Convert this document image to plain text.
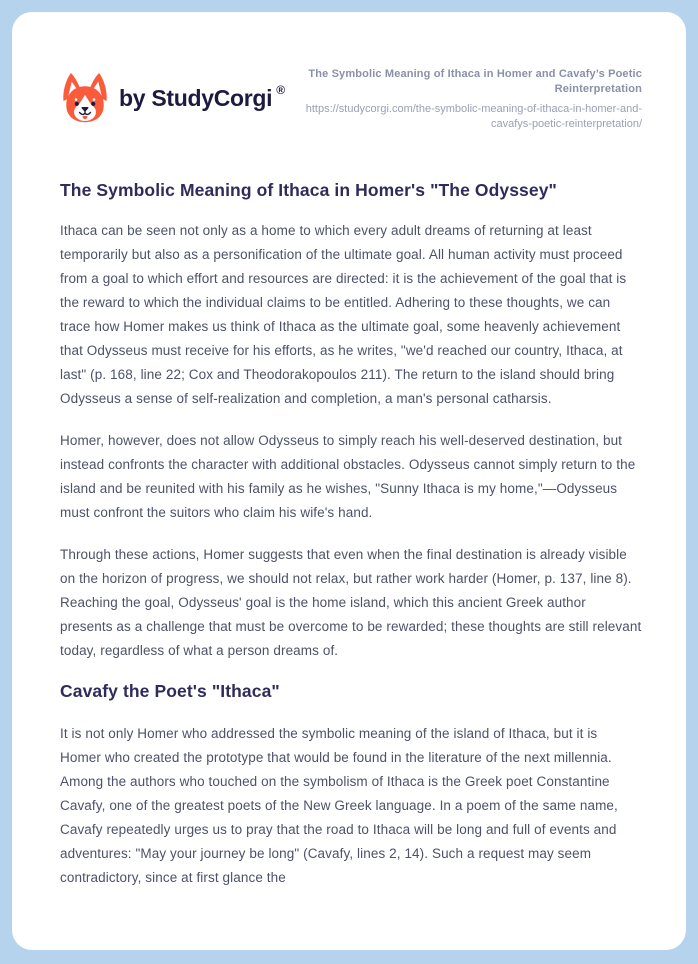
by StudyCorgi ®
The Symbolic Meaning of Ithaca in Homer and Cavafy’s Poetic Reinterpretation
https://studycorgi.com/the-symbolic-meaning-of-ithaca-in-homer-and-cavafys-poetic-reinterpretation/
The Symbolic Meaning of Ithaca in Homer's "The Odyssey"

Ithaca can be seen not only as a home to which every adult dreams of returning at least temporarily but also as a personification of the ultimate goal. All human activity must proceed from a goal to which effort and resources are directed: it is the achievement of the goal that is the reward to which the individual claims to be entitled. Adhering to these thoughts, we can trace how Homer makes us think of Ithaca as the ultimate goal, some heavenly achievement that Odysseus must receive for his efforts, as he writes, "we'd reached our country, Ithaca, at last" (p. 168, line 22; Cox and Theodorakopoulos 211). The return to the island should bring Odysseus a sense of self-realization and completion, a man's personal catharsis.

Homer, however, does not allow Odysseus to simply reach his well-deserved destination, but instead confronts the character with additional obstacles. Odysseus cannot simply return to the island and be reunited with his family as he wishes, "Sunny Ithaca is my home,"—Odysseus must confront the suitors who claim his wife's hand.

Through these actions, Homer suggests that even when the final destination is already visible on the horizon of progress, we should not relax, but rather work harder (Homer, p. 137, line 8). Reaching the goal, Odysseus' goal is the home island, which this ancient Greek author presents as a challenge that must be overcome to be rewarded; these thoughts are still relevant today, regardless of what a person dreams of.

Cavafy the Poet's "Ithaca"

It is not only Homer who addressed the symbolic meaning of the island of Ithaca, but it is Homer who created the prototype that would be found in the literature of the next millennia. Among the authors who touched on the symbolism of Ithaca is the Greek poet Constantine Cavafy, one of the greatest poets of the New Greek language. In a poem of the same name, Cavafy repeatedly urges us to pray that the road to Ithaca will be long and full of events and adventures: "May your journey be long" (Cavafy, lines 2, 14). Such a request may seem contradictory, since at first glance the
